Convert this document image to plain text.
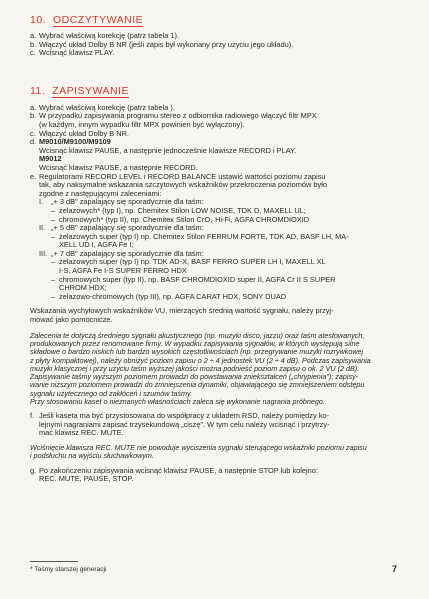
10. ODCZYTYWANIE
a. Wybrać właściwą korekcję (patrz tabela 1).
b. Włączyć układ Dolby B NR (jeśli zapis był wykonany przy użyciu jego układu).
c. Wcisnąć klawisz PLAY.
11. ZAPISYWANIE
a. Wybrać właściwą korekcję (patrz tabela ).
b. W przypadku zapisywania programu stereo z odbiornika radiowego włączyć filtr MPX
(w każdym, innym wypadku filtr MPX powinien być wyłączony).
c. Włączyć układ Dolby B NR.
d. M9010/M9100/M9109
Wcisnąć klawisz PAUSE, a następnie jednocześnie klawisze RECORD i PLAY.
M9012
Wcisnąć klawisz PAUSE, a następnie RECORD.
e. Regulatorami RECORD LEVEL i RECORD BALANCE ustawić wartości poziomu zapisu
tak, aby naksymalne wskazania szczytowych wskaźników przekroczenia poziomów było
zgodne z następującymi zaleceniami:
I.	„+ 3 dB" zapalający się sporadycznie dla taśm:
– żelazowych* (typ I), np. Chemitex Stilon LOW NOISE, TDK D, MAXELL UL;
– chromowych* (typ II), np. Chemitex Stilon CrO₂ Hi-Fi, AGFA CHROMDIOXID
II. „+ 5 dB" zapalający się sporadycznie dla taśm:
– żelazowych super (typ I) np. Chemitex Stilon FERRUM FORTE, TDK AD, BASF LH, MA-
XELL UD I, AGFA Fe I;
III. „+ 7 dB" zapalający się sporadycznie dla taśm:
– żelazowych super (typ I) np. TDK AD-X, BASF FERRO SUPER LH I, MAXELL XL
I-S, AGFA Fe I-S SUPER FERRO HDX
– chromowych super (typ II), np. BASF CHROMDIOXID super II, AGFA Cr II S SUPER
CHROM HDX;
– żelazowo-chromowych (typ III), np. AGFA CARAT HDX, SONY DUAD

Wskazania wychyłowych wskaźników VU, mierzących średnią wartość sygnału, należy przyj-

mować jako pomocnicze.

Zalecenia te dotyczą średniego sygnału akustycznego (np. muzyki disco, jazzu) oraz taśm atestowanych,

produkowanych przez renomowane firmy. W wypadku zapisywania sygnałów, w których występują silne

składowe o bardzo niskich lub bardzo wysokich częstotliwościach (np. przegrywanie muzyki rozrywkowej

z płyty kompaktowej), należy obniżyć poziom zapisu o 2 ÷ 4 jednostek VU (2 ÷ 4 dB). Podczas zapisywania

muzyki klasycznej i przy użyciu taśm wyższej jakości można podnieść poziom zapisu o ok. 2 VU (2 dB).

Zapisywanie taśmy wyższym poziomem prowadzi do powstawania zniekształceń („chrypienia"); zapisy-

wanie niższym poziomem prowadzi do zmniejszenia dynamiki, objawiającego się zmniejszeniem odstępu

sygnału użytecznego od zakłóceń i szumów taśmy.

Przy stosowaniu kaset o nieznanych własnościach zaleca się wykonanie nagrania próbnego.

f. Jeśli kaseta ma być przystosowana do współpracy z układem RSD, należy pomiędzy ko-
lejnymi nagraniami zapisać trzysekundową „ciszę". W tym celu należy wcisnąć i przytrzy-
mać klawisz REC. MUTE.

Wciśnięcie klawisza REC. MUTE nie powoduje wyciszenia sygnału sterującego wskaźniki poziomu zapisu

i podsłuchu na wyjściu słuchawkowym.

g. Po zakończeniu zapisywania wcisnąć klawisz PAUSE, a następnie STOP lub kolejno:
REC. MUTE, PAUSE, STOP.
* Taśmy starszej generacji	7
